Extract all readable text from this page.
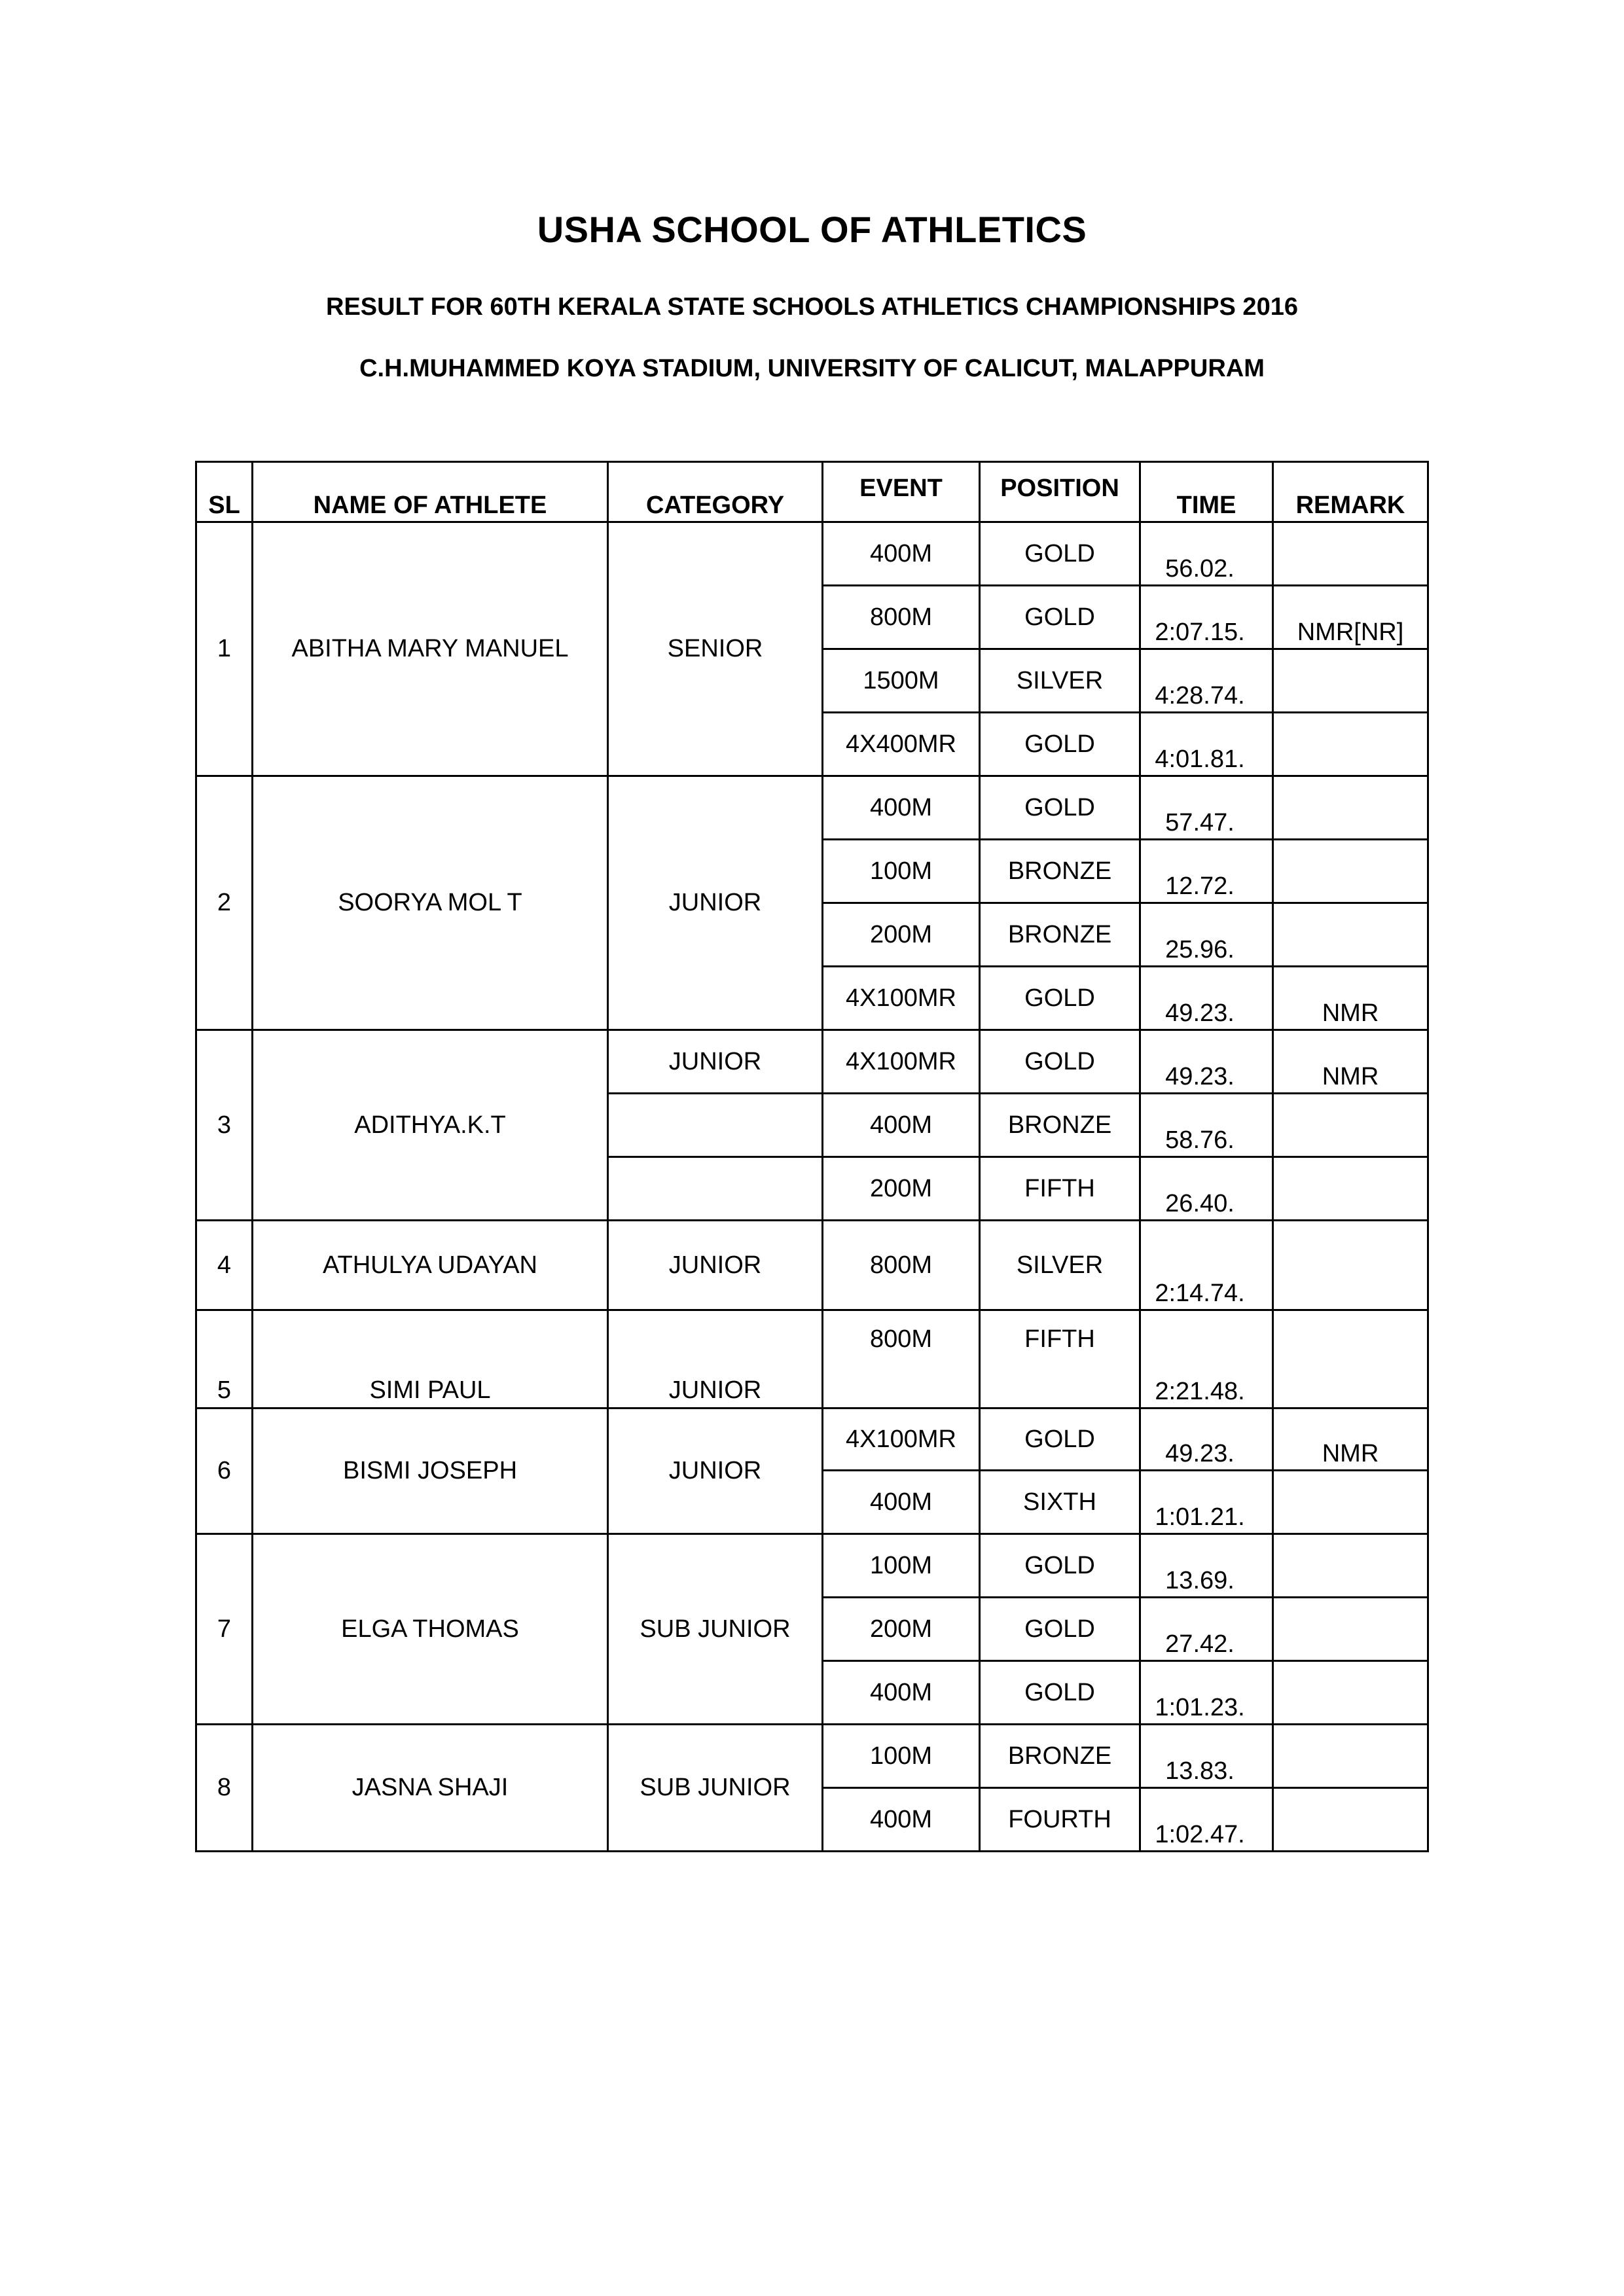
USHA SCHOOL OF ATHLETICS
RESULT FOR 60TH KERALA STATE SCHOOLS ATHLETICS CHAMPIONSHIPS 2016
C.H.MUHAMMED KOYA STADIUM, UNIVERSITY OF CALICUT, MALAPPURAM
SL	NAME OF ATHLETE	CATEGORY	EVENT	POSITION	TIME	REMARK
1	ABITHA MARY MANUEL	SENIOR	400M	GOLD	56.02.	
			800M	GOLD	2:07.15.	NMR[NR]
			1500M	SILVER	4:28.74.	
			4X400MR	GOLD	4:01.81.	
2	SOORYA MOL T	JUNIOR	400M	GOLD	57.47.	
			100M	BRONZE	12.72.	
			200M	BRONZE	25.96.	
			4X100MR	GOLD	49.23.	NMR
3	ADITHYA.K.T	JUNIOR	4X100MR	GOLD	49.23.	NMR
			400M	BRONZE	58.76.	
			200M	FIFTH	26.40.	
4	ATHULYA UDAYAN	JUNIOR	800M	SILVER	2:14.74.	
5	SIMI PAUL	JUNIOR	800M	FIFTH	2:21.48.	
6	BISMI JOSEPH	JUNIOR	4X100MR	GOLD	49.23.	NMR
			400M	SIXTH	1:01.21.	
7	ELGA THOMAS	SUB JUNIOR	100M	GOLD	13.69.	
			200M	GOLD	27.42.	
			400M	GOLD	1:01.23.	
8	JASNA SHAJI	SUB JUNIOR	100M	BRONZE	13.83.	
			400M	FOURTH	1:02.47.	
